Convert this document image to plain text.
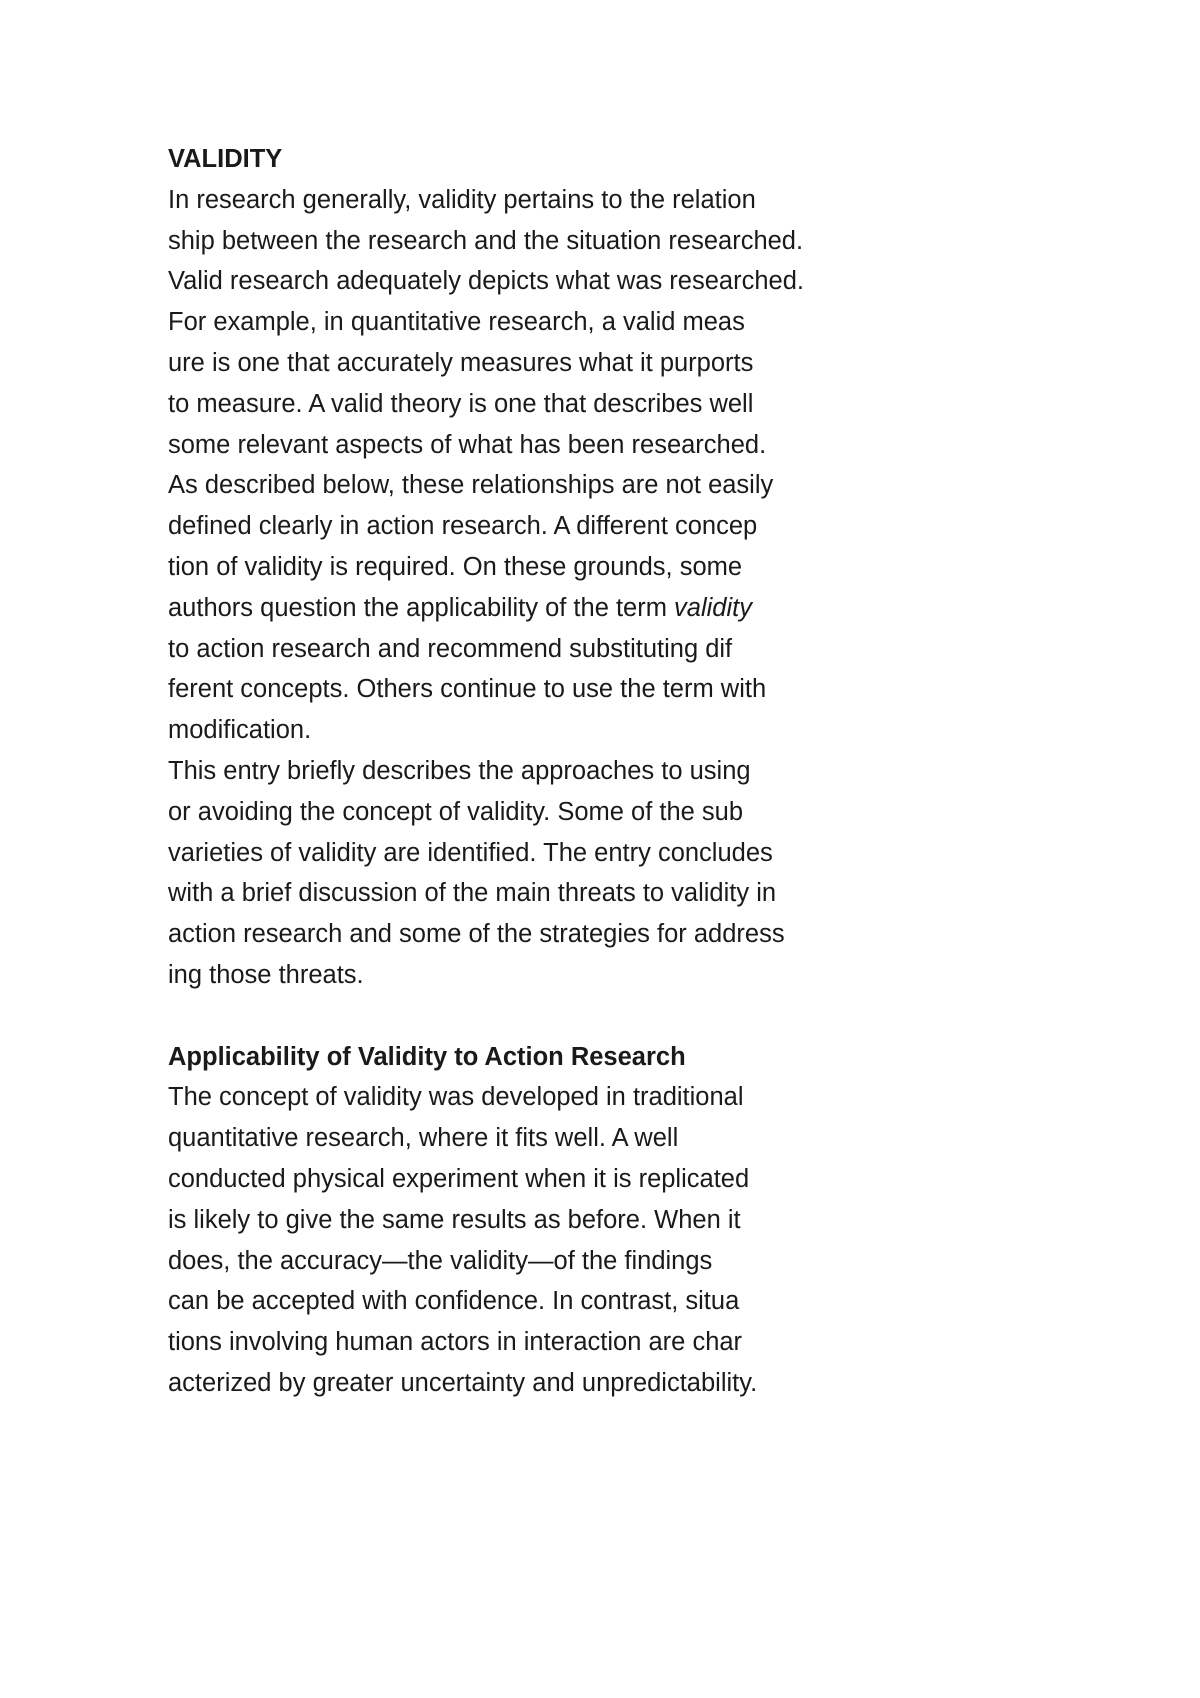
VALIDITY
In research generally, validity pertains to the relation
ship between the research and the situation researched.
Valid research adequately depicts what was researched.
For example, in quantitative research, a valid meas
ure is one that accurately measures what it purports
to measure. A valid theory is one that describes well
some relevant aspects of what has been researched.
As described below, these relationships are not easily
defined clearly in action research. A different concep
tion of validity is required. On these grounds, some
authors question the applicability of the term validity
to action research and recommend substituting dif
ferent concepts. Others continue to use the term with
modification.
This entry briefly describes the approaches to using
or avoiding the concept of validity. Some of the sub
varieties of validity are identified. The entry concludes
with a brief discussion of the main threats to validity in
action research and some of the strategies for address
ing those threats.
Applicability of Validity to Action Research
The concept of validity was developed in traditional
quantitative research, where it fits well. A well
conducted physical experiment when it is replicated
is likely to give the same results as before. When it
does, the accuracy—the validity—of the findings
can be accepted with confidence. In contrast, situa
tions involving human actors in interaction are char
acterized by greater uncertainty and unpredictability.
